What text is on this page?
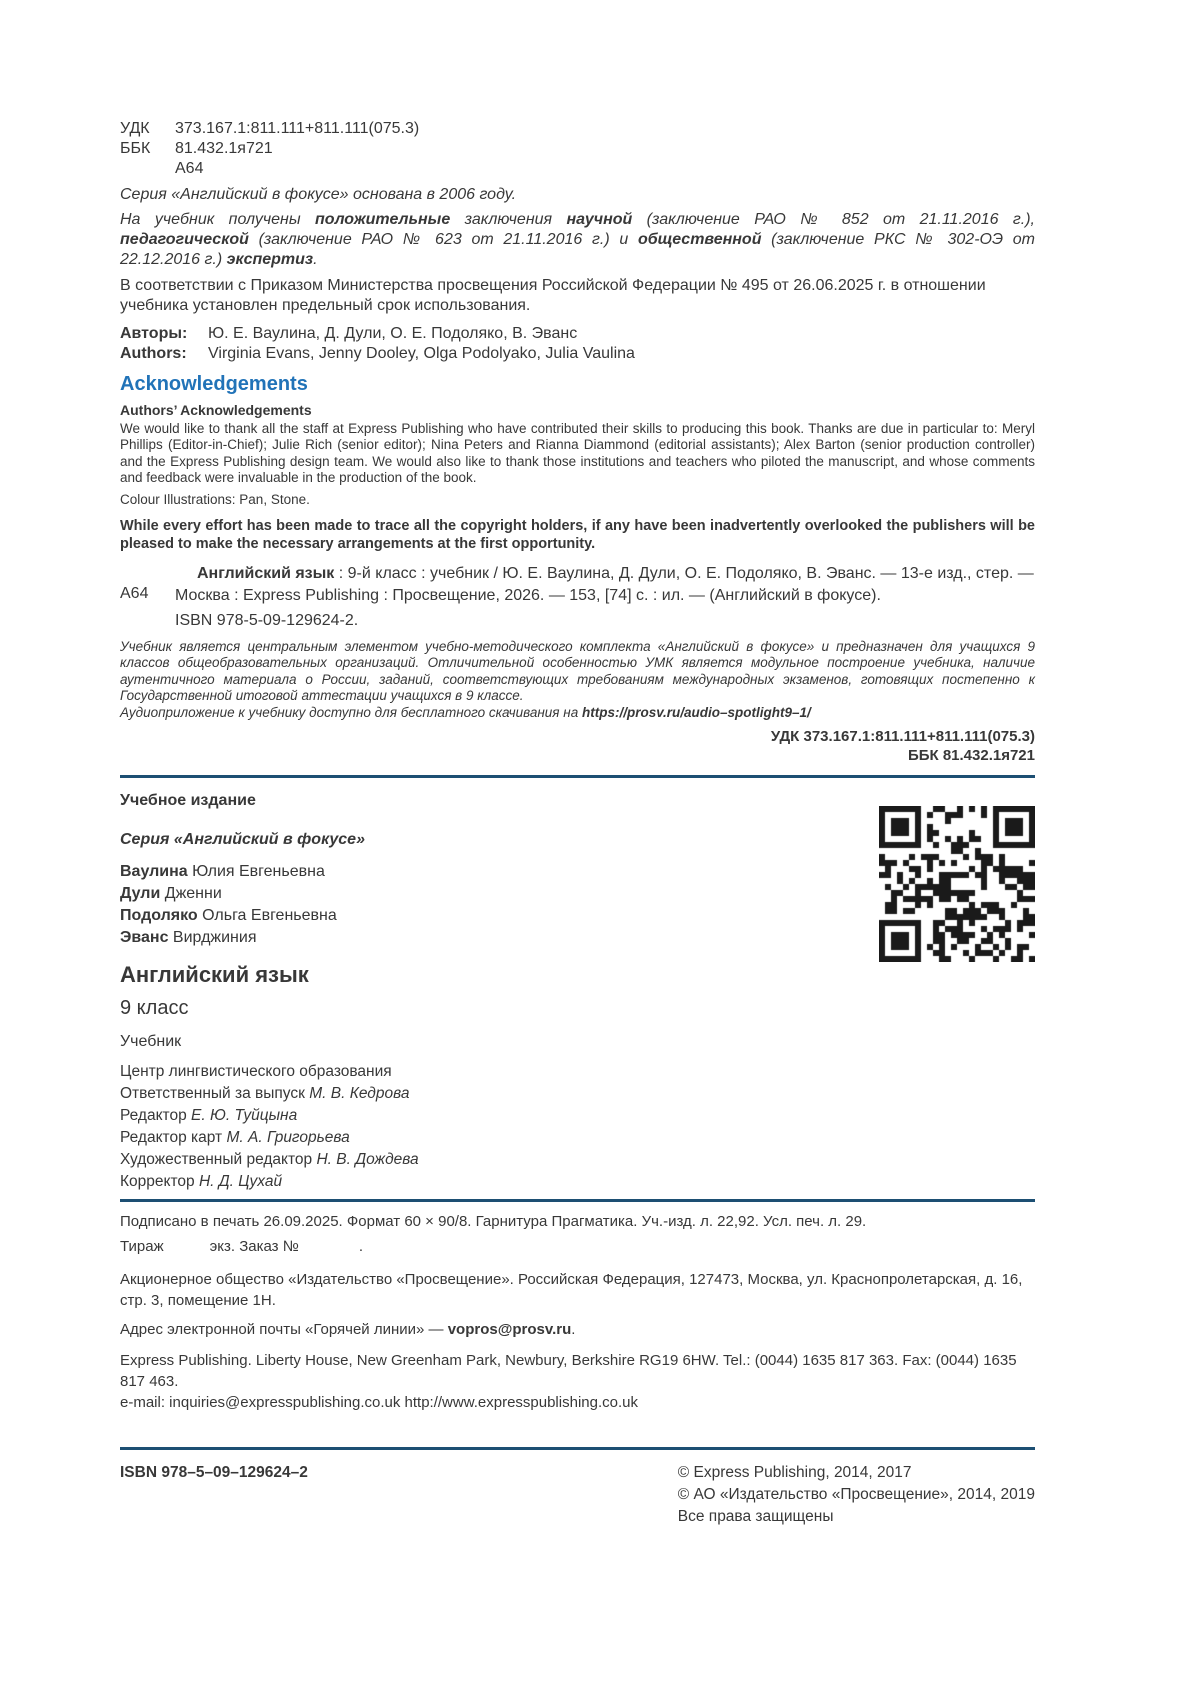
УДК	373.167.1:811.111+811.111(075.3)
ББК	81.432.1я721
А64

Серия «Английский в фокусе» основана в 2006 году.

На учебник получены положительные заключения научной (заключение РАО № 852 от 21.11.2016 г.), педагогической (заключение РАО № 623 от 21.11.2016 г.) и общественной (заключение РКС № 302-ОЭ от 22.12.2016 г.) экспертиз.

В соответствии с Приказом Министерства просвещения Российской Федерации № 495 от 26.06.2025 г. в отношении учебника установлен предельный срок использования.

Авторы:	Ю. Е. Ваулина, Д. Дули, О. Е. Подоляко, В. Эванс
Authors:	Virginia Evans, Jenny Dooley, Olga Podolyako, Julia Vaulina
Acknowledgements
Authors’ Acknowledgements

We would like to thank all the staff at Express Publishing who have contributed their skills to producing this book. Thanks are due in particular to: Meryl Phillips (Editor-in-Chief); Julie Rich (senior editor); Nina Peters and Rianna Diammond (editorial assistants); Alex Barton (senior production controller) and the Express Publishing design team. We would also like to thank those institutions and teachers who piloted the manuscript, and whose comments and feedback were invaluable in the production of the book.

Colour Illustrations: Pan, Stone.

While every effort has been made to trace all the copyright holders, if any have been inadvertently overlooked the publishers will be pleased to make the necessary arrangements at the first opportunity.

А64

Английский язык : 9-й класс : учебник / Ю. Е. Ваулина, Д. Дули, О. Е. Подоляко, В. Эванс. — 13-е изд., стер. — Москва : Express Publishing : Просвещение, 2026. — 153, [74] с. : ил. — (Английский в фокусе).

ISBN 978-5-09-129624-2.

Учебник является центральным элементом учебно-методического комплекта «Английский в фокусе» и предназначен для учащихся 9 классов общеобразовательных организаций. Отличительной особенностью УМК является модульное построение учебника, наличие аутентичного материала о России, заданий, соответствующих требованиям международных экзаменов, готовящих постепенно к Государственной итоговой аттестации учащихся в 9 классе.

Аудиоприложение к учебнику доступно для бесплатного скачивания на https://prosv.ru/audio–spotlight9–1/

УДК 373.167.1:811.111+811.111(075.3)
ББК 81.432.1я721

Учебное издание

Серия «Английский в фокусе»

Ваулина Юлия Евгеньевна
Дули Дженни
Подоляко Ольга Евгеньевна
Эванс Вирджиния
Английский язык

9 класс

Учебник

Центр лингвистического образования
Ответственный за выпуск М. В. Кедрова
Редактор Е. Ю. Туйцына
Редактор карт М. А. Григорьева
Художественный редактор Н. В. Дождева
Корректор Н. Д. Цухай

Подписано в печать 26.09.2025. Формат 60 × 90/8. Гарнитура Прагматика. Уч.-изд. л. 22,92. Усл. печ. л. 29.

Тираж	экз. Заказ №	.

Акционерное общество «Издательство «Просвещение». Российская Федерация, 127473, Москва, ул. Краснопролетарская, д. 16, стр. 3, помещение 1Н.

Адрес электронной почты «Горячей линии» — vopros@prosv.ru.

Express Publishing. Liberty House, New Greenham Park, Newbury, Berkshire RG19 6HW. Tel.: (0044) 1635 817 363. Fax: (0044) 1635 817 463.
e-mail: inquiries@expresspublishing.co.uk http://www.expresspublishing.co.uk

ISBN 978–5–09–129624–2	© Express Publishing, 2014, 2017
© АО «Издательство «Просвещение», 2014, 2019
Все права защищены
